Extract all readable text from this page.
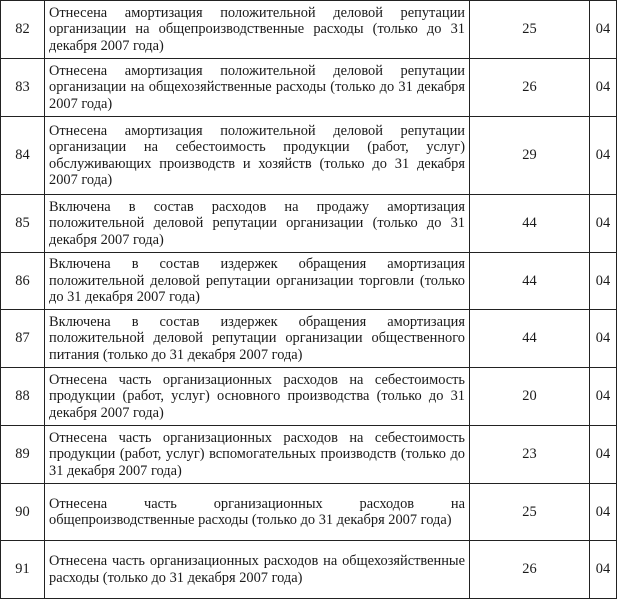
82	Отнесена амортизация положительной деловой репутации организации на общепроизводственные расходы (только до 31 декабря 2007 года)	25	04
83	Отнесена амортизация положительной деловой репутации организации на общехозяйственные расходы (только до 31 декабря 2007 года)	26	04
84	Отнесена амортизация положительной деловой репутации организации на себестоимость продукции (работ, услуг) обслуживающих производств и хозяйств (только до 31 декабря 2007 года)	29	04
85	Включена в состав расходов на продажу амортизация положительной деловой репутации организации (только до 31 декабря 2007 года)	44	04
86	Включена в состав издержек обращения амортизация положительной деловой репутации организации торговли (только до 31 декабря 2007 года)	44	04
87	Включена в состав издержек обращения амортизация положительной деловой репутации организации общественного питания (только до 31 декабря 2007 года)	44	04
88	Отнесена часть организационных расходов на себестоимость продукции (работ, услуг) основного производства (только до 31 декабря 2007 года)	20	04
89	Отнесена часть организационных расходов на себестоимость продукции (работ, услуг) вспомогательных производств (только до 31 декабря 2007 года)	23	04
90	Отнесена часть организационных расходов на общепроизводственные расходы (только до 31 декабря 2007 года)	25	04
91	Отнесена часть организационных расходов на общехозяйственные расходы (только до 31 декабря 2007 года)	26	04
